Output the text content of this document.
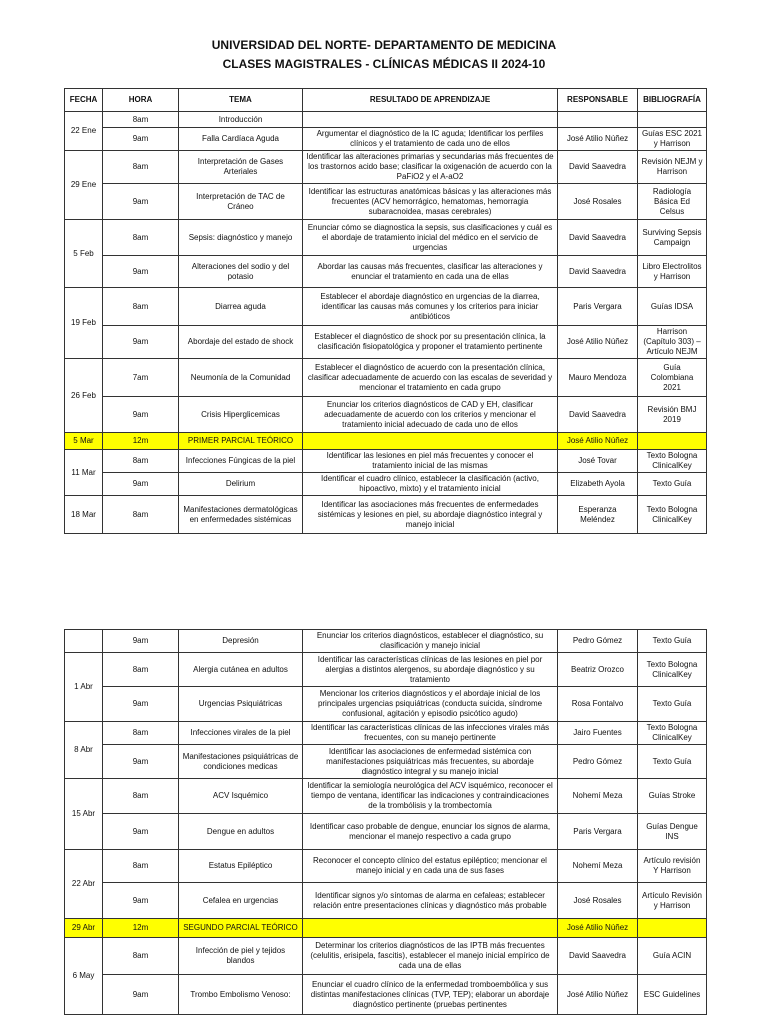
UNIVERSIDAD DEL NORTE- DEPARTAMENTO DE MEDICINA
CLASES MAGISTRALES - CLÍNICAS MÉDICAS II 2024-10
FECHA	HORA	TEMA	RESULTADO DE APRENDIZAJE	RESPONSABLE	BIBLIOGRAFÍA
22 Ene	8am	Introducción			
	9am	Falla Cardíaca Aguda	Argumentar el diagnóstico de la IC aguda; Identificar los perfiles clínicos y el tratamiento de cada uno de ellos	José Atilio Núñez	Guías ESC 2021 y Harrison
29 Ene	8am	Interpretación de Gases Arteriales	Identificar las alteraciones primarias y secundarias más frecuentes de los trastornos acido base; clasificar la oxigenación de acuerdo con la PaFiO2 y el A-aO2	David Saavedra	Revisión NEJM y Harrison
	9am	Interpretación de TAC de Cráneo	Identificar las estructuras anatómicas básicas y las alteraciones más frecuentes (ACV hemorrágico, hematomas, hemorragia subaracnoidea, masas cerebrales)	José Rosales	Radiología Básica Ed Celsus
5 Feb	8am	Sepsis: diagnóstico y manejo	Enunciar cómo se diagnostica la sepsis, sus clasificaciones y cuál es el abordaje de tratamiento inicial del médico en el servicio de urgencias	David Saavedra	Surviving Sepsis Campaign
	9am	Alteraciones del sodio y del potasio	Abordar las causas más frecuentes, clasificar las alteraciones y enunciar el tratamiento en cada una de ellas	David Saavedra	Libro Electrolitos y Harrison
19 Feb	8am	Diarrea aguda	Establecer el abordaje diagnóstico en urgencias de la diarrea, identificar las causas más comunes y los criterios para iniciar antibióticos	Paris Vergara	Guías IDSA
	9am	Abordaje del estado de shock	Establecer el diagnóstico de shock por su presentación clínica, la clasificación fisiopatológica y proponer el tratamiento pertinente	José Atilio Núñez	Harrison (Capítulo 303) – Artículo NEJM
26 Feb	7am	Neumonía de la Comunidad	Establecer el diagnóstico de acuerdo con la presentación clínica, clasificar adecuadamente de acuerdo con las escalas de severidad y mencionar el tratamiento en cada grupo	Mauro Mendoza	Guía Colombiana 2021
	9am	Crisis Hiperglicemicas	Enunciar los criterios diagnósticos de CAD y EH, clasificar adecuadamente de acuerdo con los criterios y mencionar el tratamiento inicial adecuado de cada uno de ellos	David Saavedra	Revisión BMJ 2019
5 Mar	12m	PRIMER PARCIAL TEÓRICO		José Atilio Núñez	
11 Mar	8am	Infecciones Fúngicas de la piel	Identificar las lesiones en piel más frecuentes y conocer el tratamiento inicial de las mismas	José Tovar	Texto Bologna ClinicalKey
	9am	Delirium	Identificar el cuadro clínico, establecer la clasificación (activo, hipoactivo, mixto) y el tratamiento inicial	Elizabeth Ayola	Texto Guía
18 Mar	8am	Manifestaciones dermatológicas en enfermedades sistémicas	Identificar las asociaciones más frecuentes de enfermedades sistémicas y lesiones en piel, su abordaje diagnóstico integral y manejo inicial	Esperanza Meléndez	Texto Bologna ClinicalKey
	9am	Depresión	Enunciar los criterios diagnósticos, establecer el diagnóstico, su clasificación y manejo inicial	Pedro Gómez	Texto Guía
1 Abr	8am	Alergia cutánea en adultos	Identificar las características clínicas de las lesiones en piel por alergias a distintos alergenos, su abordaje diagnóstico y su tratamiento	Beatriz Orozco	Texto Bologna ClinicalKey
	9am	Urgencias Psiquiátricas	Mencionar los criterios diagnósticos y el abordaje inicial de los principales urgencias psiquiátricas (conducta suicida, síndrome confusional, agitación y episodio psicótico agudo)	Rosa Fontalvo	Texto Guía
8 Abr	8am	Infecciones virales de la piel	Identificar las características clínicas de las infecciones virales más frecuentes, con su manejo pertinente	Jairo Fuentes	Texto Bologna ClinicalKey
	9am	Manifestaciones psiquiátricas de condiciones medicas	Identificar las asociaciones de enfermedad sistémica con manifestaciones psiquiátricas más frecuentes, su abordaje diagnóstico integral y su manejo inicial	Pedro Gómez	Texto Guía
15 Abr	8am	ACV Isquémico	Identificar la semiología neurológica del ACV isquémico, reconocer el tiempo de ventana, identificar las indicaciones y contraindicaciones de la trombólisis y la trombectomía	Nohemí Meza	Guías Stroke
	9am	Dengue en adultos	Identificar caso probable de dengue, enunciar los signos de alarma, mencionar el manejo respectivo a cada grupo	Paris Vergara	Guías Dengue INS
22 Abr	8am	Estatus Epiléptico	Reconocer el concepto clínico del estatus epiléptico; mencionar el manejo inicial y en cada una de sus fases	Nohemí Meza	Artículo revisión Y Harrison
	9am	Cefalea en urgencias	Identificar signos y/o síntomas de alarma en cefaleas; establecer relación entre presentaciones clínicas y diagnóstico más probable	José Rosales	Artículo Revisión y Harrison
29 Abr	12m	SEGUNDO PARCIAL TEÓRICO		José Atilio Núñez	
6 May	8am	Infección de piel y tejidos blandos	Determinar los criterios diagnósticos de las IPTB más frecuentes (celulitis, erisipela, fascitis), establecer el manejo inicial empírico de cada una de ellas	David Saavedra	Guía ACIN
	9am	Trombo Embolismo Venoso:	Enunciar el cuadro clínico de la enfermedad tromboembólica y sus distintas manifestaciones clínicas (TVP, TEP); elaborar un abordaje diagnóstico pertinente (pruebas pertinentes	José Atilio Núñez	ESC Guidelines
